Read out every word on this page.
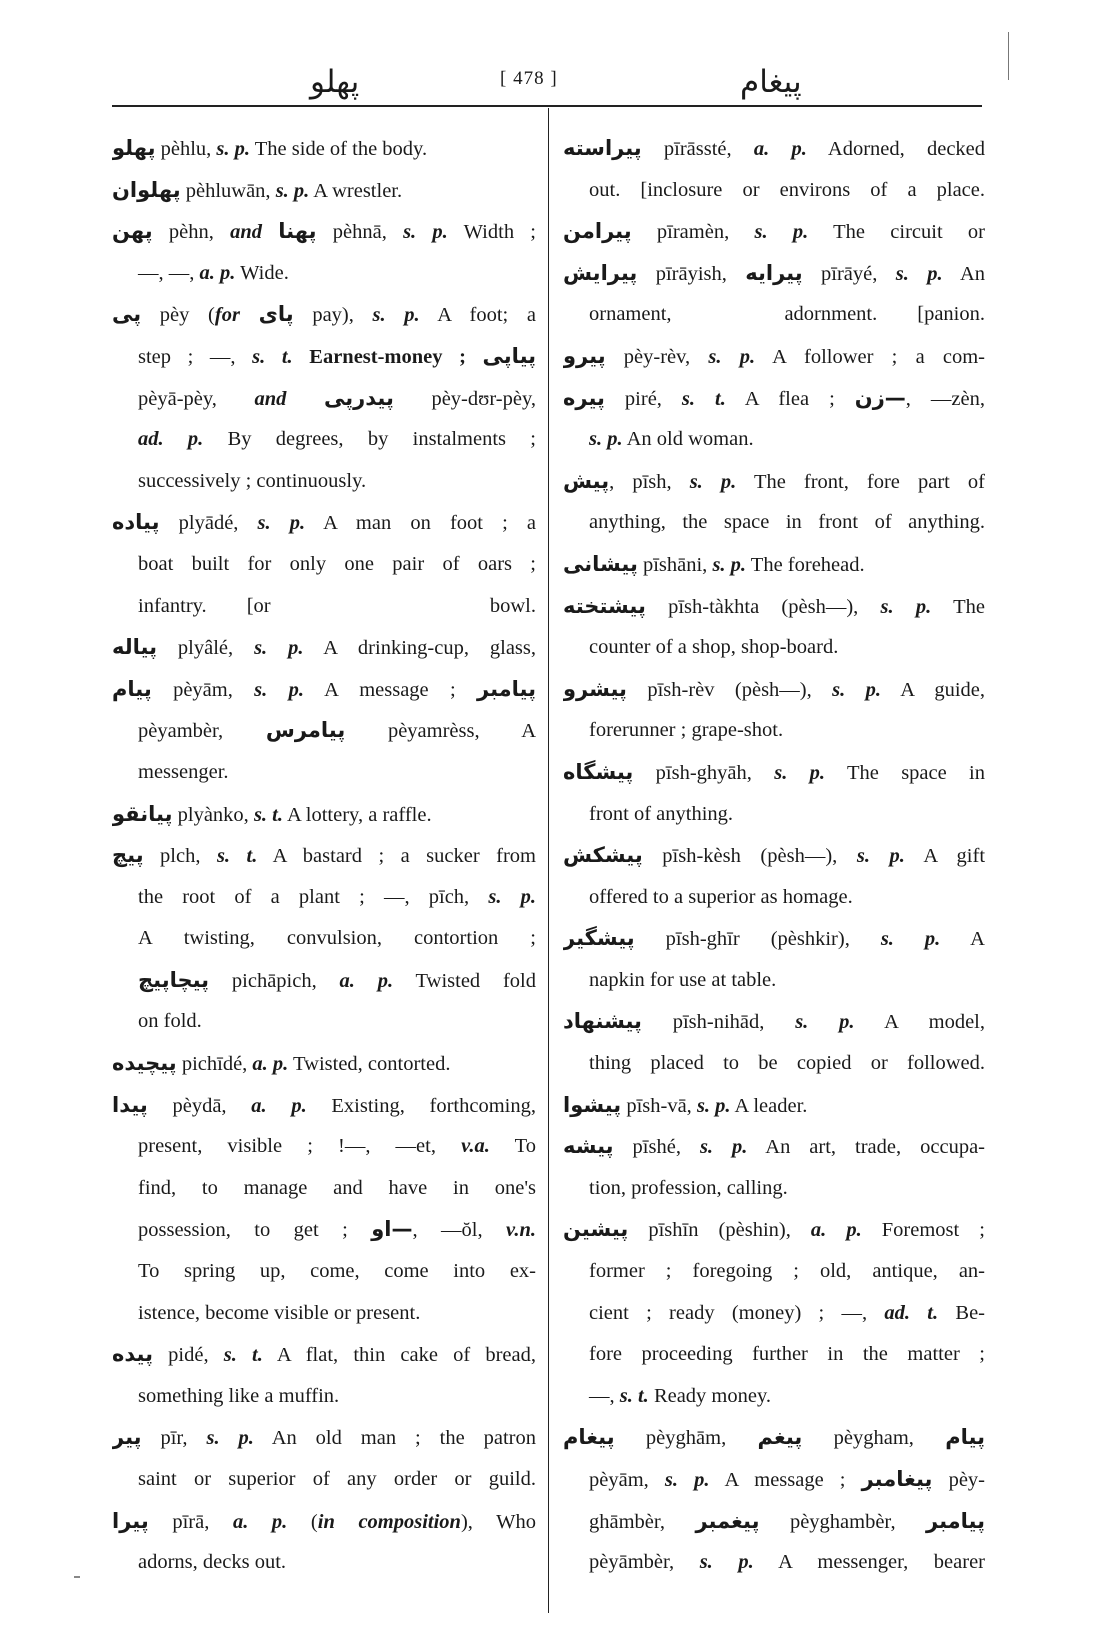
پهلو	[ 478 ]	پيغام
پهلو pèhlu, s. p. The side of the body.
پهلوان pèhluwān, s. p. A wrestler.
پهن pèhn, and پهنا pèhnā, s. p. Width ;
—, —, a. p. Wide.
پى pèy (for پاى pay), s. p. A foot; a
step ; —, s. t. Earnest-money ; پياپى
pèyā-pèy, and پيدرپى pèy-dʊr-pèy,
ad. p. By degrees, by instalments ;
successively ; continuously.
پياده plyādé, s. p. A man on foot ; a
boat built for only one pair of oars ;
infantry. [or bowl.
پياله plyâlé, s. p. A drinking-cup, glass,
پيام pèyām, s. p. A message ; پيامبر
pèyambèr, پيامرس pèyamrèss, A
messenger.
پيانقو plyànko, s. t. A lottery, a raffle.
پيچ plch, s. t. A bastard ; a sucker from
the root of a plant ; —, pīch, s. p.
A twisting, convulsion, contortion ;
پيچاپيچ pichāpich, a. p. Twisted fold
on fold.
پيچيده pichīdé, a. p. Twisted, contorted.
پيدا pèydā, a. p. Existing, forthcoming,
present, visible ; !—, —et, v.a. To
find, to manage and have in one's
possession, to get ; —او, —ŏl, v.n.
To spring up, come, come into ex-
istence, become visible or present.
پيده pidé, s. t. A flat, thin cake of bread,
something like a muffin.
پير pīr, s. p. An old man ; the patron
saint or superior of any order or guild.
پيرا pīrā, a. p. (in composition), Who
adorns, decks out.
پيراسته pīrāssté, a. p. Adorned, decked
out. [inclosure or environs of a place.
پيرامن pīramèn, s. p. The circuit or
پيرايش pīrāyish, پيرايه pīrāyé, s. p. An
ornament, adornment. [panion.
پيرو pèy-rèv, s. p. A follower ; a com-
پيره piré, s. t. A flea ; —زن, —zèn,
s. p. An old woman.
پيش, pīsh, s. p. The front, fore part of
anything, the space in front of anything.
پيشانى pīshāni, s. p. The forehead.
پيشتخته pīsh-tàkhta (pèsh—), s. p. The
counter of a shop, shop-board.
پيشرو pīsh-rèv (pèsh—), s. p. A guide,
forerunner ; grape-shot.
پيشگاه pīsh-ghyāh, s. p. The space in
front of anything.
پيشكش pīsh-kèsh (pèsh—), s. p. A gift
offered to a superior as homage.
پيشگير pīsh-ghīr (pèshkir), s. p. A
napkin for use at table.
پيشنهاد pīsh-nihād, s. p. A model,
thing placed to be copied or followed.
پيشوا pīsh-vā, s. p. A leader.
پيشه pīshé, s. p. An art, trade, occupa-
tion, profession, calling.
پيشين pīshīn (pèshin), a. p. Foremost ;
former ; foregoing ; old, antique, an-
cient ; ready (money) ; —, ad. t. Be-
fore proceeding further in the matter ;
—, s. t. Ready money.
پيغام pèyghām, پيغم pèygham, پيام
pèyām, s. p. A message ; پيغامبر pèy-
ghāmbèr, پيغمبر pèyghambèr, پيامبر
pèyāmbèr, s. p. A messenger, bearer
